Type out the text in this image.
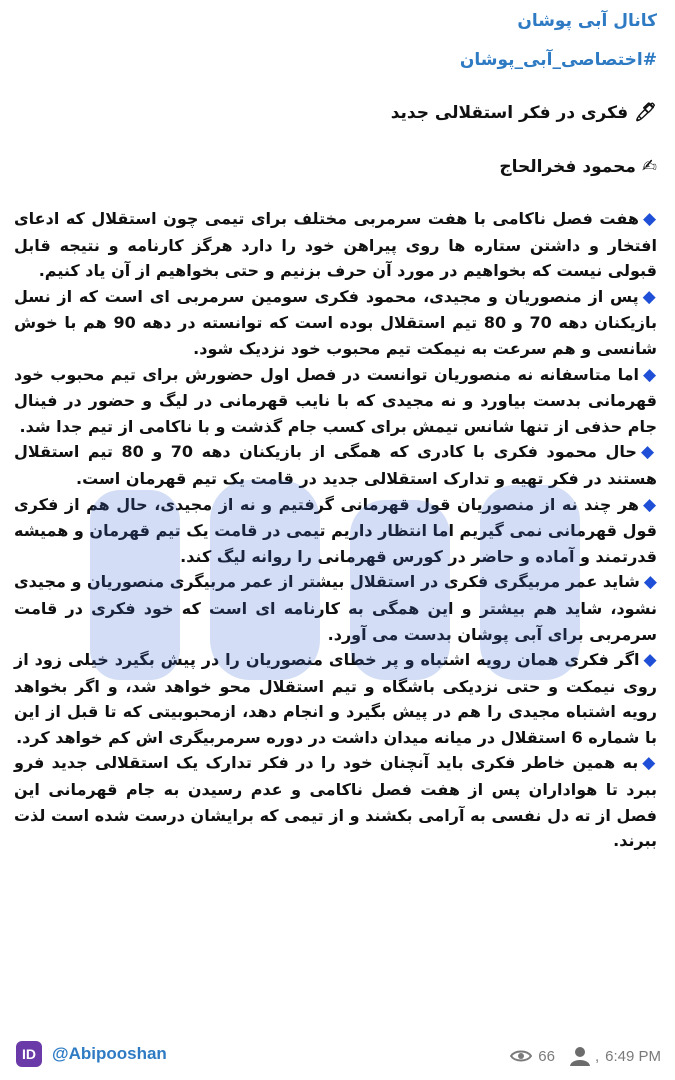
کانال آبی پوشان
#اختصاصی_آبی_پوشان
🖊فکری در فکر استقلالی جدید
✍محمود فخرالحاج

◆هفت فصل ناکامی با هفت سرمربی مختلف برای تیمی چون استقلال که ادعای افتخار و داشتن ستاره ها روی پیراهن خود را دارد هرگز کارنامه و نتیجه قابل قبولی نیست که بخواهیم در مورد آن حرف بزنیم و حتی بخواهیم از آن یاد کنیم.

◆پس از منصوریان و مجیدی، محمود فکری سومین سرمربی ای است که از نسل بازیکنان دهه 70 و 80 تیم استقلال بوده است که توانسته در دهه 90 هم با خوش شانسی و هم سرعت به نیمکت تیم محبوب خود نزدیک شود.

◆اما متاسفانه نه منصوریان توانست در فصل اول حضورش برای تیم محبوب خود قهرمانی بدست بیاورد و نه مجیدی که با نایب قهرمانی در لیگ و حضور در فینال جام حذفی از تنها شانس تیمش برای کسب جام گذشت و با ناکامی از تیم جدا شد.

◆حال محمود فکری با کادری که همگی از بازیکنان دهه 70 و 80 تیم استقلال هستند در فکر تهیه و تدارک استقلالی جدید در قامت یک تیم قهرمان است.

◆هر چند نه از منصوریان قول قهرمانی گرفتیم و نه از مجیدی، حال هم از فکری قول قهرمانی نمی گیریم اما انتظار داریم تیمی در قامت یک تیم قهرمان و همیشه قدرتمند و آماده و حاضر در کورس قهرمانی را روانه لیگ کند.

◆شاید عمر مربیگری فکری در استقلال بیشتر از عمر مربیگری منصوریان و مجیدی نشود، شاید هم بیشتر و این همگی به کارنامه ای است که خود فکری در قامت سرمربی برای آبی پوشان بدست می آورد.

◆اگر فکری همان رویه اشتباه و پر خطای منصوریان را در پیش بگیرد خیلی زود از روی نیمکت و حتی نزدیکی باشگاه و تیم استقلال محو خواهد شد، و اگر بخواهد رویه اشتباه مجیدی را هم در پیش بگیرد و انجام دهد، ازمحبوبیتی که تا قبل از این با شماره 6 استقلال در میانه میدان داشت در دوره سرمربیگری اش کم خواهد کرد.

◆به همین خاطر فکری باید آنچنان خود را در فکر تدارک یک استقلالی جدید فرو ببرد تا هواداران پس از هفت فصل ناکامی و عدم رسیدن به جام قهرمانی این فصل از ته دل نفسی به آرامی بکشند و از تیمی که برایشان درست شده است لذت ببرند.

ID @Abipooshan	66	, 6:49 PM
